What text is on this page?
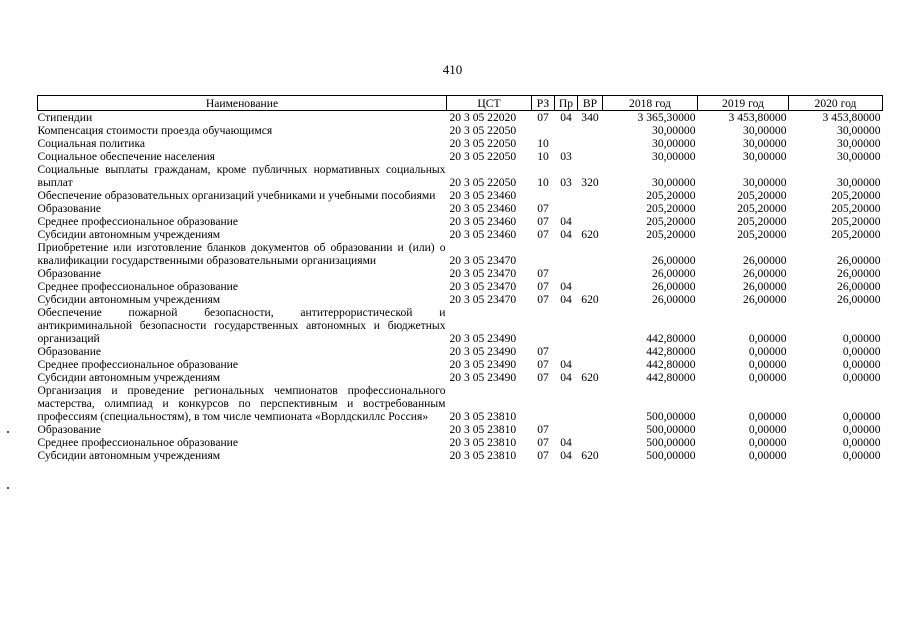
410
Наименование	ЦСТ	РЗ	Пр	ВР	2018 год	2019 год	2020 год
Стипендии	20 3 05 22020	07	04	340	3 365,30000	3 453,80000	3 453,80000
Компенсация стоимости проезда обучающимся	20 3 05 22050				30,00000	30,00000	30,00000
Социальная политика	20 3 05 22050	10			30,00000	30,00000	30,00000
Социальное обеспечение населения	20 3 05 22050	10	03		30,00000	30,00000	30,00000
Социальные выплаты гражданам, кроме публичных нормативных социальных выплат	20 3 05 22050	10	03	320	30,00000	30,00000	30,00000
Обеспечение образовательных организаций учебниками и учебными пособиями	20 3 05 23460				205,20000	205,20000	205,20000
Образование	20 3 05 23460	07			205,20000	205,20000	205,20000
Среднее профессиональное образование	20 3 05 23460	07	04		205,20000	205,20000	205,20000
Субсидии автономным учреждениям	20 3 05 23460	07	04	620	205,20000	205,20000	205,20000
Приобретение или изготовление бланков документов об образовании и (или) о квалификации государственными образовательными организациями	20 3 05 23470				26,00000	26,00000	26,00000
Образование	20 3 05 23470	07			26,00000	26,00000	26,00000
Среднее профессиональное образование	20 3 05 23470	07	04		26,00000	26,00000	26,00000
Субсидии автономным учреждениям	20 3 05 23470	07	04	620	26,00000	26,00000	26,00000
Обеспечение пожарной безопасности, антитеррористической и антикриминальной безопасности государственных автономных и бюджетных организаций	20 3 05 23490				442,80000	0,00000	0,00000
Образование	20 3 05 23490	07			442,80000	0,00000	0,00000
Среднее профессиональное образование	20 3 05 23490	07	04		442,80000	0,00000	0,00000
Субсидии автономным учреждениям	20 3 05 23490	07	04	620	442,80000	0,00000	0,00000
Организация и проведение региональных чемпионатов профессионального мастерства, олимпиад и конкурсов по перспективным и востребованным профессиям (специальностям), в том числе чемпионата «Ворлдскиллс Россия»	20 3 05 23810				500,00000	0,00000	0,00000
Образование	20 3 05 23810	07			500,00000	0,00000	0,00000
Среднее профессиональное образование	20 3 05 23810	07	04		500,00000	0,00000	0,00000
Субсидии автономным учреждениям	20 3 05 23810	07	04	620	500,00000	0,00000	0,00000
